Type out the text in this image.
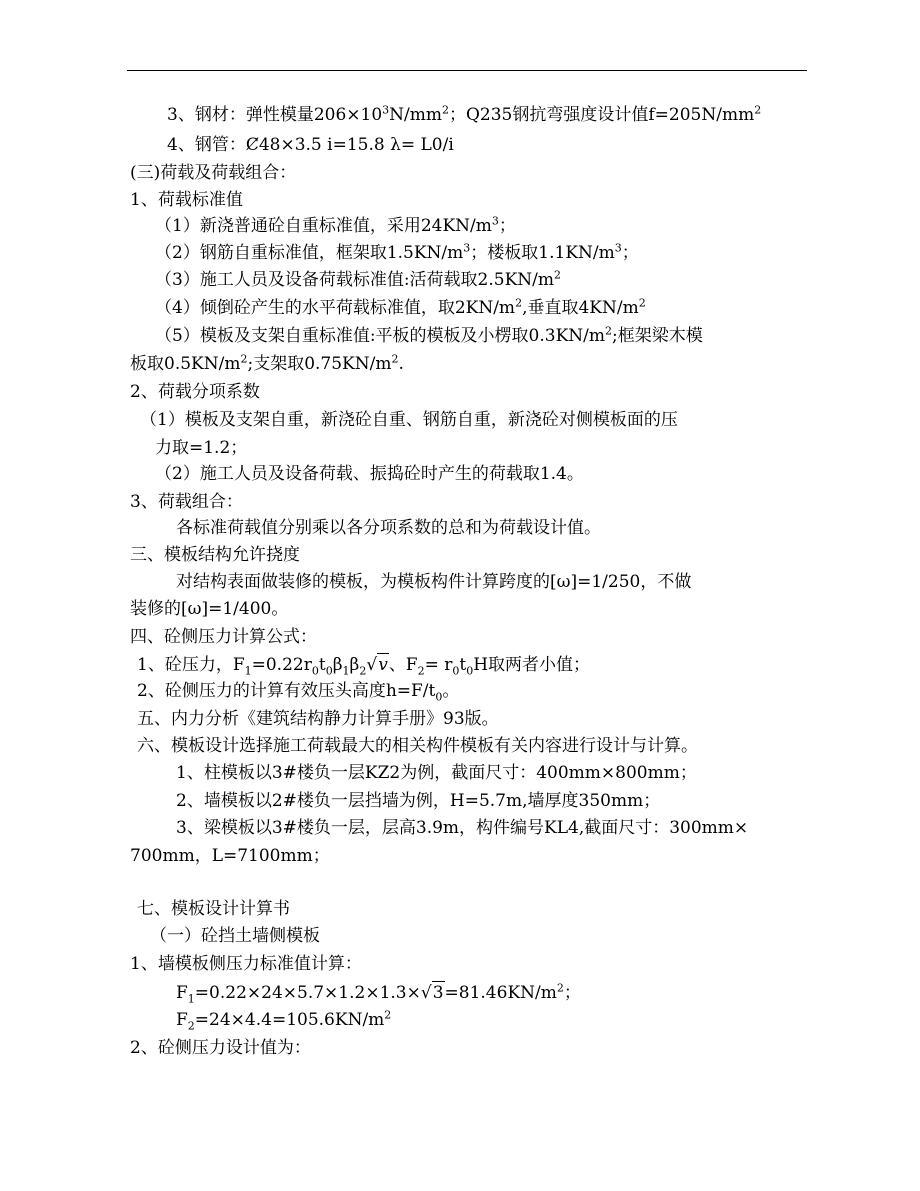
3、钢材：弹性模量$206\times 10^3N/mm^2$；Q235钢抗弯强度设计值$f=205N/mm^2$
4、钢管：Ȼ48×3.5 i=15.8 λ= L0/i
(三)荷载及荷载组合：
1、荷载标准值
（1）新浇普通砼自重标准值，采用$24KN/m^3$；
（2）钢筋自重标准值，框架取$1.5KN/m^3$；楼板取$1.1KN/m^3$；
（3）施工人员及设备荷载标准值:活荷载取$2.5KN/m^2$
（4）倾倒砼产生的水平荷载标准值，取$2KN/m^2$,垂直取$4KN/m^2$
（5）模板及支架自重标准值:平板的模板及小楞取$0.3KN/m^2$;框架梁木模
板取$0.5KN/m^2$;支架取$0.75KN/m^2$.
2、荷载分项系数
（1）模板及支架自重，新浇砼自重、钢筋自重，新浇砼对侧模板面的压
力取=1.2；
（2）施工人员及设备荷载、振捣砼时产生的荷载取1.4。
3、荷载组合：
各标准荷载值分别乘以各分项系数的总和为荷载设计值。
三、模板结构允许挠度
对结构表面做装修的模板，为模板构件计算跨度的[ω]=1/250，不做
装修的[ω]=1/400。
四、砼侧压力计算公式：
1、砼压力，$F_1=0.22r_0t_0\beta_1\beta_2√v$、$F_2= r_0t_0H$取两者小值；
2、砼侧压力的计算有效压头高度$h=F/t_0$。
五、内力分析《建筑结构静力计算手册》93版。
六、模板设计选择施工荷载最大的相关构件模板有关内容进行设计与计算。
1、柱模板以3#楼负一层KZ2为例，截面尺寸：400mm×800mm；
2、墙模板以2#楼负一层挡墙为例，H=5.7m,墙厚度350mm；
3、梁模板以3#楼负一层，层高3.9m，构件编号KL4,截面尺寸：300mm×
700mm，L=7100mm；
七、模板设计计算书
（一）砼挡土墙侧模板
1、墙模板侧压力标准值计算：
$F_1=0.22\times 24\times 5.7\times 1.2\times 1.3\times√3=81.46KN/m^2$；
$F_2=24\times 4.4=105.6KN/m^2$
2、砼侧压力设计值为：
